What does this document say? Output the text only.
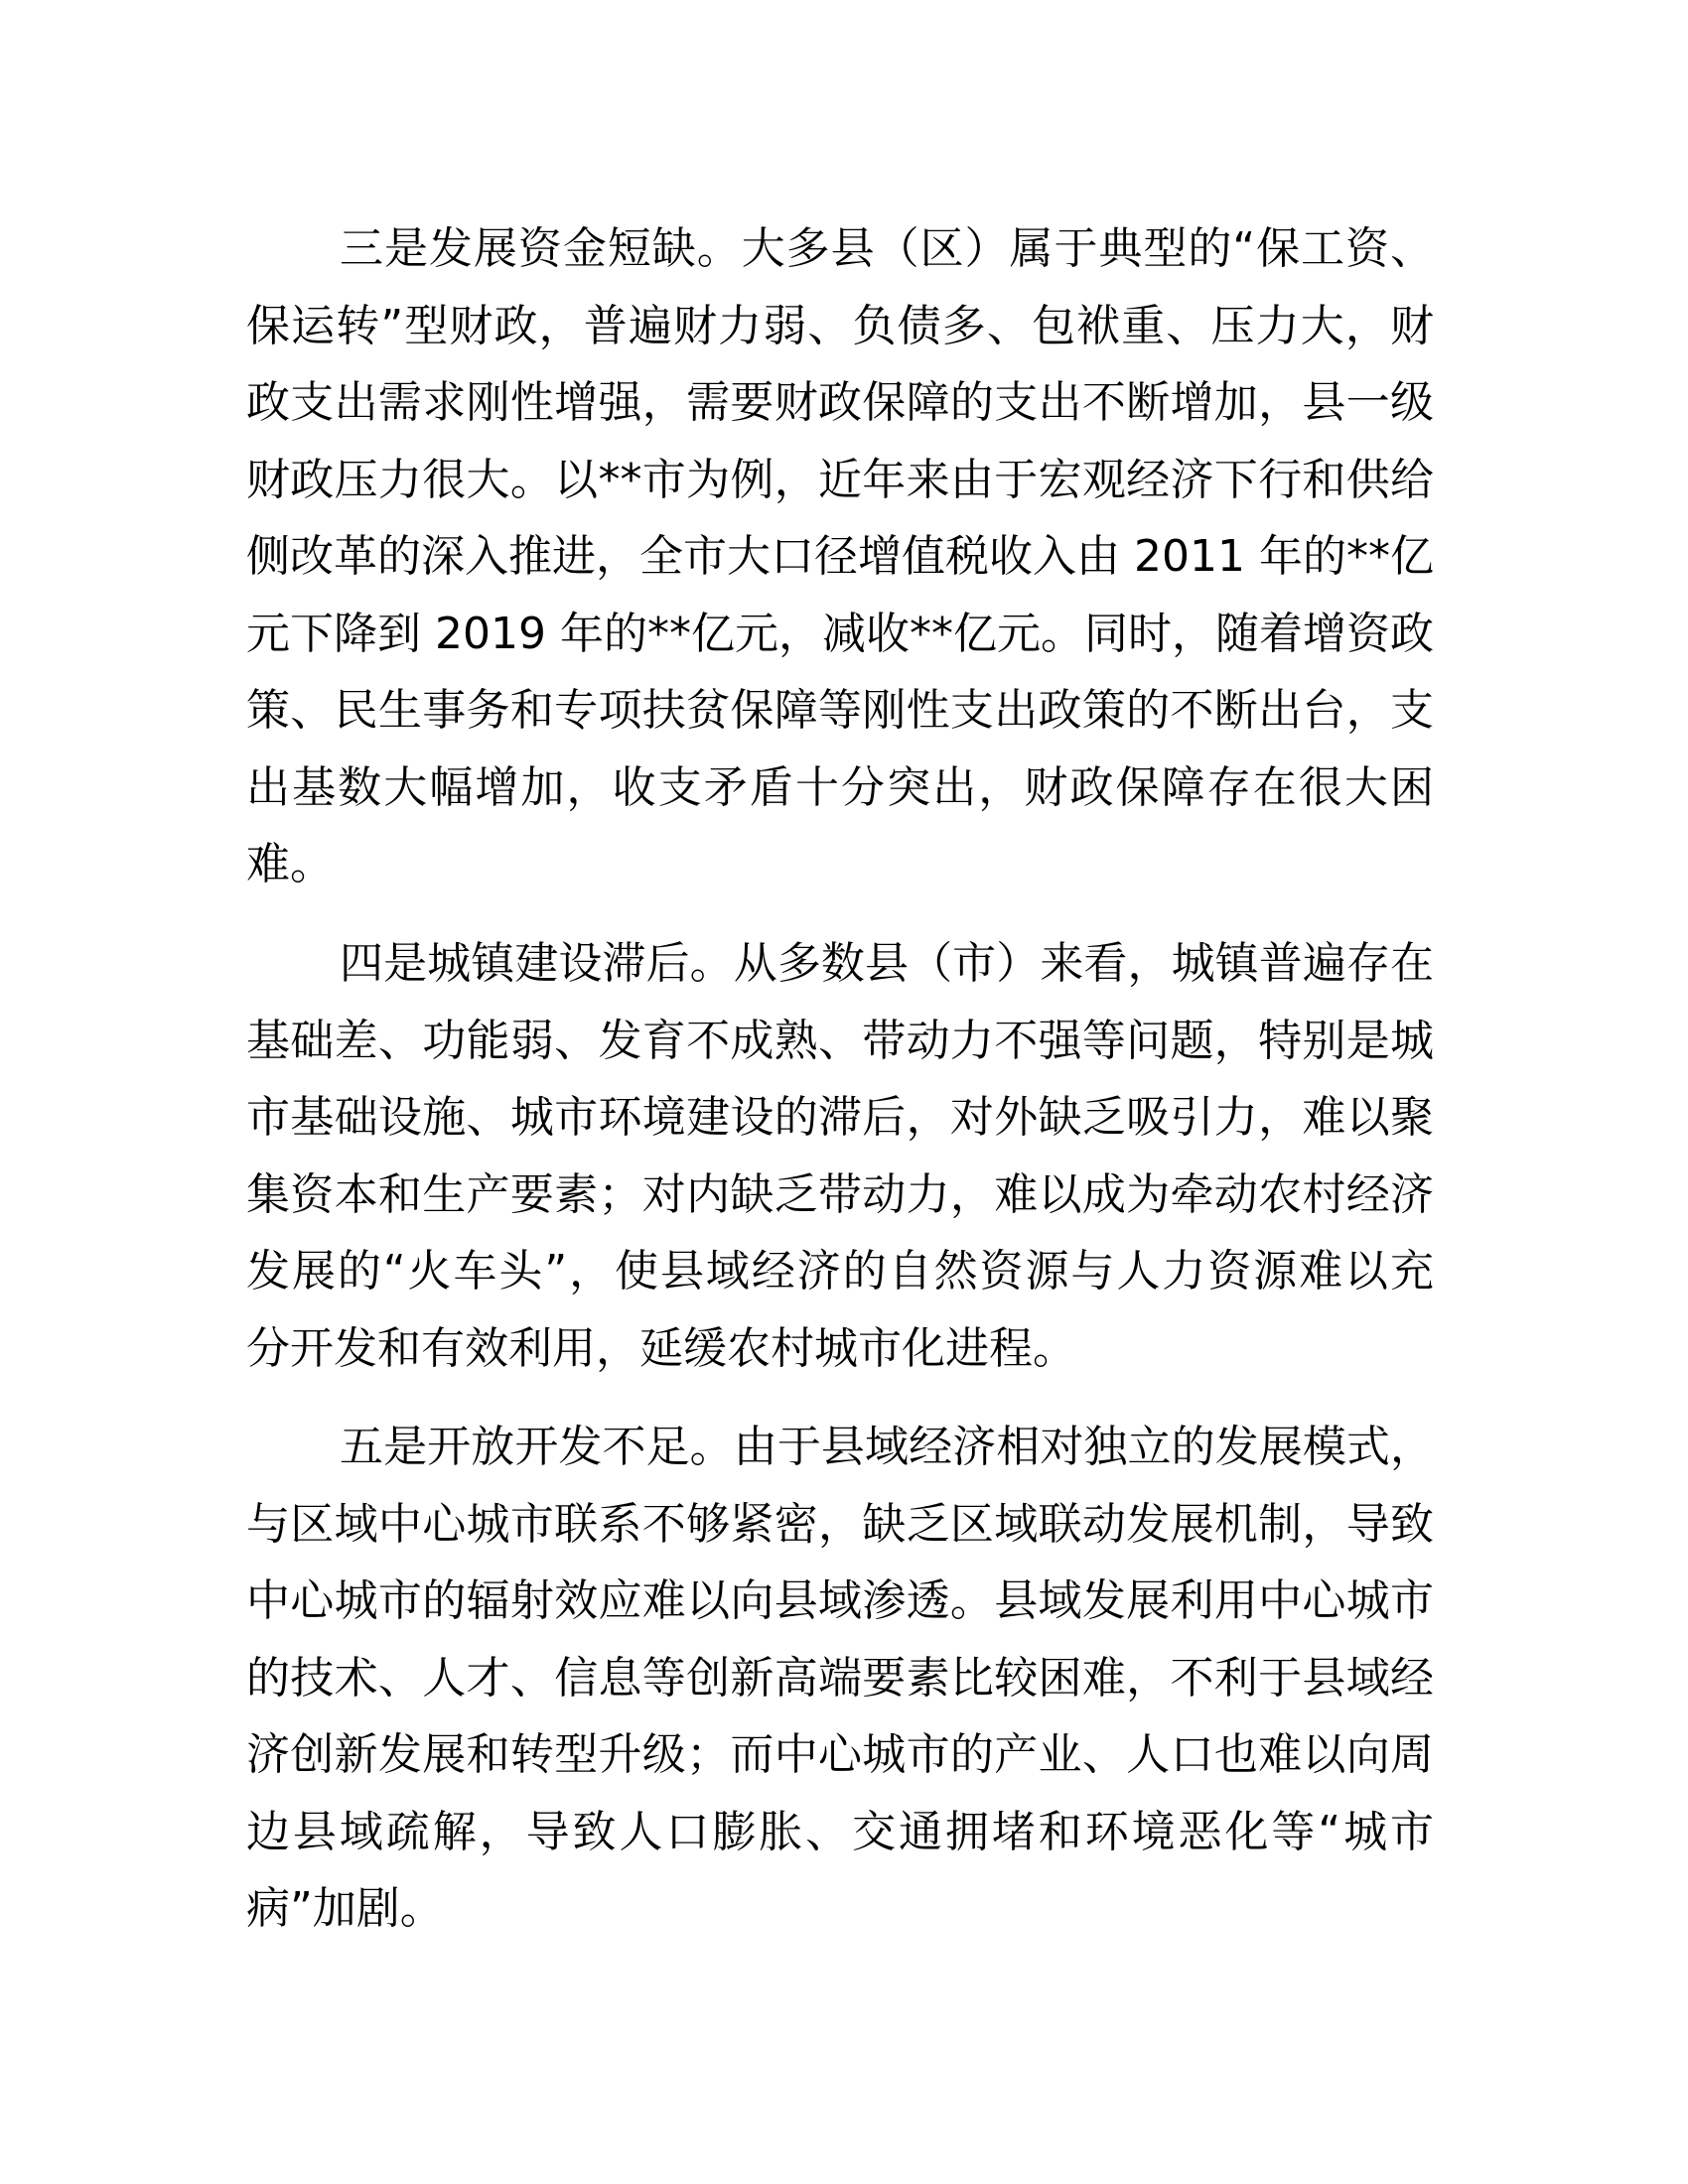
三是发展资金短缺。大多县（区）属于典型的“保工资、
保运转”型财政，普遍财力弱、负债多、包袱重、压力大，财
政支出需求刚性增强，需要财政保障的支出不断增加，县一级
财政压力很大。以**市为例，近年来由于宏观经济下行和供给
侧改革的深入推进，全市大口径增值税收入由 2011 年的**亿
元下降到 2019 年的**亿元，减收**亿元。同时，随着增资政
策、民生事务和专项扶贫保障等刚性支出政策的不断出台，支
出基数大幅增加，收支矛盾十分突出，财政保障存在很大困
难。
四是城镇建设滞后。从多数县（市）来看，城镇普遍存在
基础差、功能弱、发育不成熟、带动力不强等问题，特别是城
市基础设施、城市环境建设的滞后，对外缺乏吸引力，难以聚
集资本和生产要素；对内缺乏带动力，难以成为牵动农村经济
发展的“火车头”，使县域经济的自然资源与人力资源难以充
分开发和有效利用，延缓农村城市化进程。
五是开放开发不足。由于县域经济相对独立的发展模式，
与区域中心城市联系不够紧密，缺乏区域联动发展机制，导致
中心城市的辐射效应难以向县域渗透。县域发展利用中心城市
的技术、人才、信息等创新高端要素比较困难，不利于县域经
济创新发展和转型升级；而中心城市的产业、人口也难以向周
边县域疏解，导致人口膨胀、交通拥堵和环境恶化等“城市
病”加剧。
